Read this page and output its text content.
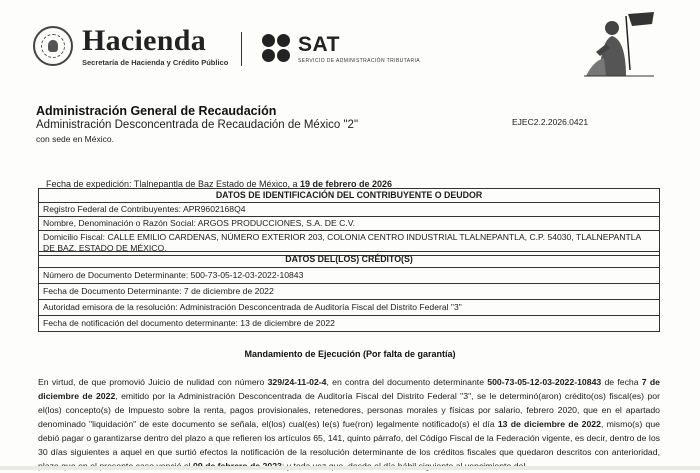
Hacienda
Secretaría de Hacienda y Crédito Público
SAT
SERVICIO DE ADMINISTRACIÓN TRIBUTARIA
Administración General de Recaudación
Administración Desconcentrada de Recaudación de México "2"
con sede en México.
EJEC2.2.2026.0421
Fecha de expedición: Tlalnepantla de Baz Estado de México, a 19 de febrero de 2026
DATOS DE IDENTIFICACIÓN DEL CONTRIBUYENTE O DEUDOR
Registro Federal de Contribuyentes: APR9602168Q4
Nombre, Denominación o Razón Social: ARGOS PRODUCCIONES, S.A. DE C.V.
Domicilio Fiscal: CALLE EMILIO CARDENAS, NÚMERO EXTERIOR 203, COLONIA CENTRO INDUSTRIAL TLALNEPANTLA, C.P. 54030, TLALNEPANTLA DE BAZ, ESTADO DE MÉXICO.
DATOS DEL(LOS) CRÉDITO(S)
Número de Documento Determinante: 500-73-05-12-03-2022-10843
Fecha de Documento Determinante: 7 de diciembre de 2022
Autoridad emisora de la resolución: Administración Desconcentrada de Auditoría Fiscal del Distrito Federal "3"
Fecha de notificación del documento determinante: 13 de diciembre de 2022
Mandamiento de Ejecución (Por falta de garantía)
En virtud, de que promovió Juicio de nulidad con número 329/24-11-02-4, en contra del documento determinante 500-73-05-12-03-2022-10843 de fecha 7 de diciembre de 2022, emitido por la Administración Desconcentrada de Auditoría Fiscal del Distrito Federal "3", se le determinó(aron) crédito(os) fiscal(es) por el(los) concepto(s) de Impuesto sobre la renta, pagos provisionales, retenedores, personas morales y físicas por salario, febrero 2020, que en el apartado denominado "liquidación" de este documento se señala, el(los) cual(es) le(s) fue(ron) legalmente notificado(s) el día 13 de diciembre de 2022, mismo(s) que debió pagar o garantizarse dentro del plazo a que refieren los artículos 65, 141, quinto párrafo, del Código Fiscal de la Federación vigente, es decir, dentro de los 30 días siguientes a aquel en que surtió efectos la notificación de la resolución determinante de los créditos fiscales que quedaron descritos con anterioridad,
